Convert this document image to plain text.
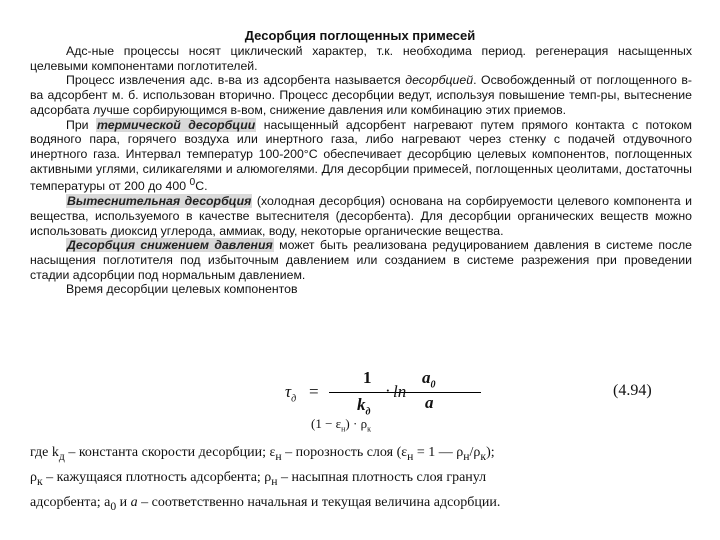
Десорбция поглощенных примесей

Адс-ные процессы носят циклический характер, т.к. необходима период. регенерация насыщенных целевыми компонентами поглотителей.

Процесс извлечения адс. в-ва из адсорбента называется десорбцией. Освобожденный от поглощенного в-ва адсорбент м. б. использован вторично. Процесс десорбции ведут, используя повышение темп-ры, вытеснение адсорбата лучше сорбирующимся в-вом, снижение давления или комбинацию этих приемов.

При термической десорбции насыщенный адсорбент нагревают путем прямого контакта с потоком водяного пара, горячего воздуха или инертного газа, либо нагревают через стенку с подачей отдувочного инертного газа. Интервал температур 100-200°С обеспечивает десорбцию целевых компонентов, поглощенных активными углями, силикагелями и алюмогелями. Для десорбции примесей, поглощенных цеолитами, достаточны температуры от 200 до 400 $^0$С.

Вытеснительная десорбция (холодная десорбция) основана на сорбируемости целевого компонента и вещества, используемого в качестве вытеснителя (десорбента). Для десорбции органических веществ можно использовать диоксид углерода, аммиак, воду, некоторые органические вещества.

Десорбция снижением давления может быть реализована редуцированием давления в системе после насыщения поглотителя под избыточным давлением или созданием в системе разрежения при проведении стадии адсорбции под нормальным давлением.

Время десорбции целевых компонентов

$\tau_д$ =
1
$k_д$
· ln
$a_0$
a
$(1 - \varepsilon_н) \cdot \rho_к$
(4.94)
где $k_д$ – константа скорости десорбции; $\varepsilon_н$ – порозность слоя ($\varepsilon_н = 1$ — $\rho_н/\rho_к$);
$\rho_к$ – кажущаяся плотность адсорбента; $\rho_н$ – насыпная плотность слоя гранул
адсорбента; $a_0$ и a – соответственно начальная и текущая величина адсорбции.
